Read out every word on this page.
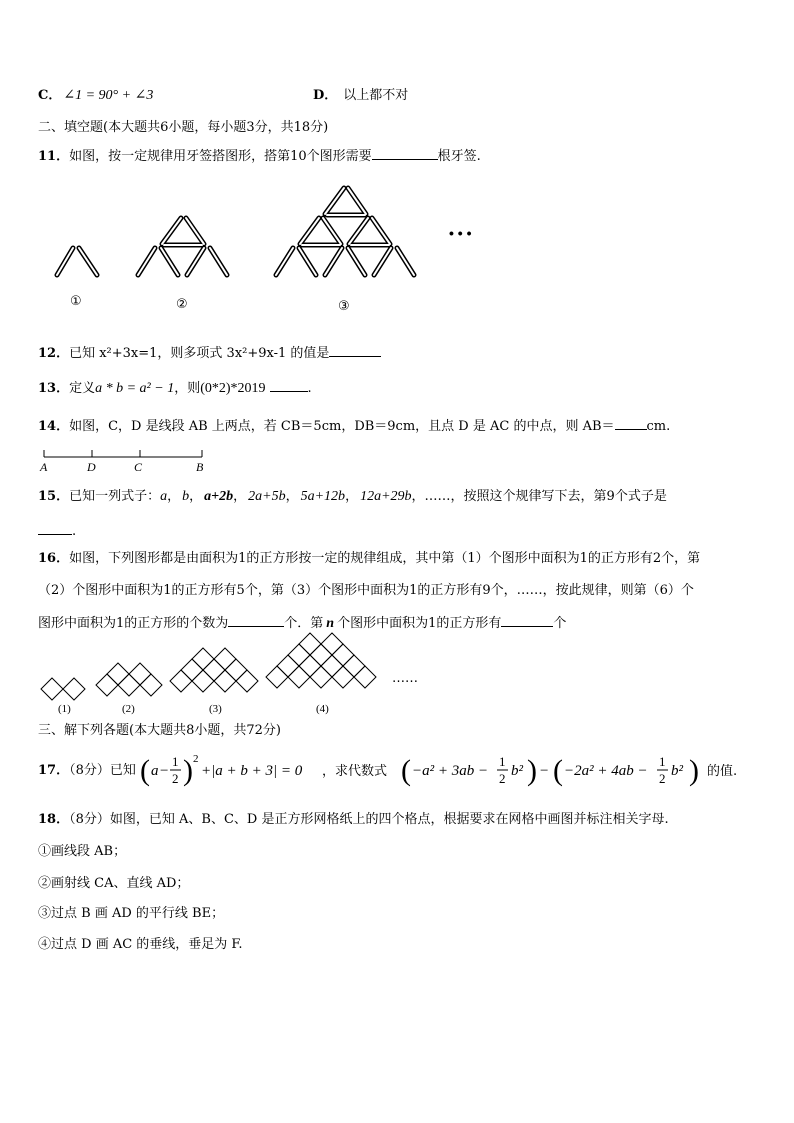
C． ∠1 = 90° + ∠3	D． 以上都不对
二、填空题(本大题共6小题，每小题3分，共18分)
11．如图，按一定规律用牙签搭图形，搭第10个图形需要	根牙签.
• • •
①	②	③
12．已知 x²+3x=1，则多项式 3x²+9x-1 的值是
13．定义a * b = a² − 1，则(0*2)*2019	.
14．如图，C，D 是线段 AB 上两点，若 CB＝5cm，DB＝9cm，且点 D 是 AC 的中点，则 AB＝ cm.
A	D	C	B
15．已知一列式子：a， b， a+2b， 2a+5b， 5a+12b， 12a+29b，……，按照这个规律写下去，第9个式子是
.
16．如图，下列图形都是由面积为1的正方形按一定的规律组成，其中第（1）个图形中面积为1的正方形有2个，第
（2）个图形中面积为1的正方形有5个，第（3）个图形中面积为1的正方形有9个，……，按此规律，则第（6）个
图形中面积为1的正方形的个数为	个．第 n 个图形中面积为1的正方形有	个
(1)	(2)	(3)	(4)
……
三、解下列各题(本大题共8小题，共72分)
17．（8分）已知 ( a −
1
2 ) 2
+|a + b + 3| = 0 ，求代数式 ( −a² + 3ab −
1
2 b² ) − ( −2a² + 4ab −
1
2 b² ) 的值.
18．（8分）如图，已知 A、B、C、D 是正方形网格纸上的四个格点，根据要求在网格中画图并标注相关字母.
①画线段 AB；
②画射线 CA、直线 AD；
③过点 B 画 AD 的平行线 BE；
④过点 D 画 AC 的垂线，垂足为 F.
